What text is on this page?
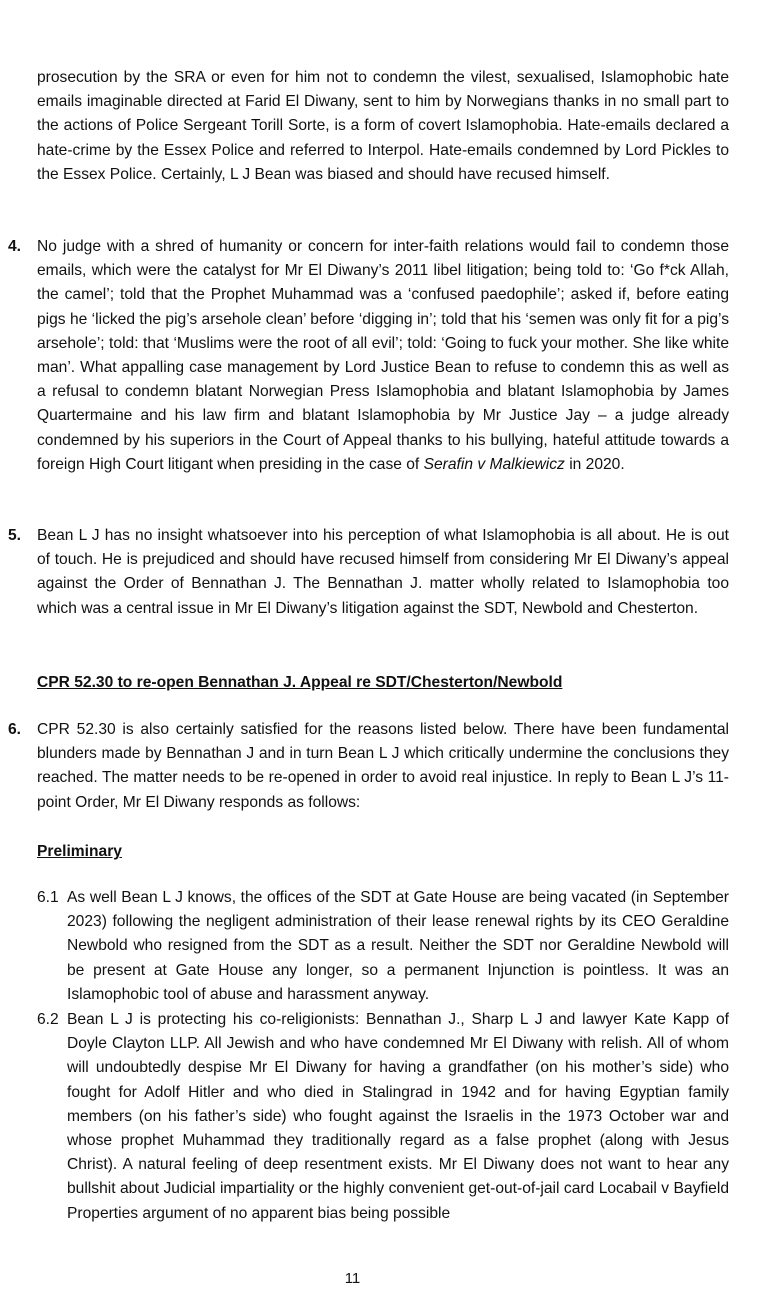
prosecution by the SRA or even for him not to condemn the vilest, sexualised, Islamophobic hate emails imaginable directed at Farid El Diwany, sent to him by Norwegians thanks in no small part to the actions of Police Sergeant Torill Sorte, is a form of covert Islamophobia. Hate-emails declared a hate-crime by the Essex Police and referred to Interpol. Hate-emails condemned by Lord Pickles to the Essex Police. Certainly, L J Bean was biased and should have recused himself.

4. No judge with a shred of humanity or concern for inter-faith relations would fail to condemn those emails, which were the catalyst for Mr El Diwany’s 2011 libel litigation; being told to: ‘Go f*ck Allah, the camel’; told that the Prophet Muhammad was a ‘confused paedophile’; asked if, before eating pigs he ‘licked the pig’s arsehole clean’ before ‘digging in’; told that his ‘semen was only fit for a pig’s arsehole’; told: that ‘Muslims were the root of all evil’; told: ‘Going to fuck your mother. She like white man’. What appalling case management by Lord Justice Bean to refuse to condemn this as well as a refusal to condemn blatant Norwegian Press Islamophobia and blatant Islamophobia by James Quartermaine and his law firm and blatant Islamophobia by Mr Justice Jay – a judge already condemned by his superiors in the Court of Appeal thanks to his bullying, hateful attitude towards a foreign High Court litigant when presiding in the case of Serafin v Malkiewicz in 2020.

5. Bean L J has no insight whatsoever into his perception of what Islamophobia is all about. He is out of touch. He is prejudiced and should have recused himself from considering Mr El Diwany’s appeal against the Order of Bennathan J. The Bennathan J. matter wholly related to Islamophobia too which was a central issue in Mr El Diwany’s litigation against the SDT, Newbold and Chesterton.

CPR 52.30 to re-open Bennathan J. Appeal re SDT/Chesterton/Newbold
6. CPR 52.30 is also certainly satisfied for the reasons listed below. There have been fundamental blunders made by Bennathan J and in turn Bean L J which critically undermine the conclusions they reached. The matter needs to be re-opened in order to avoid real injustice. In reply to Bean L J’s 11-point Order, Mr El Diwany responds as follows:

Preliminary
6.1 As well Bean L J knows, the offices of the SDT at Gate House are being vacated (in September 2023) following the negligent administration of their lease renewal rights by its CEO Geraldine Newbold who resigned from the SDT as a result. Neither the SDT nor Geraldine Newbold will be present at Gate House any longer, so a permanent Injunction is pointless. It was an Islamophobic tool of abuse and harassment anyway.

6.2 Bean L J is protecting his co-religionists: Bennathan J., Sharp L J and lawyer Kate Kapp of Doyle Clayton LLP. All Jewish and who have condemned Mr El Diwany with relish. All of whom will undoubtedly despise Mr El Diwany for having a grandfather (on his mother’s side) who fought for Adolf Hitler and who died in Stalingrad in 1942 and for having Egyptian family members (on his father’s side) who fought against the Israelis in the 1973 October war and whose prophet Muhammad they traditionally regard as a false prophet (along with Jesus Christ). A natural feeling of deep resentment exists. Mr El Diwany does not want to hear any bullshit about Judicial impartiality or the highly convenient get-out-of-jail card Locabail v Bayfield Properties argument of no apparent bias being possible

11
